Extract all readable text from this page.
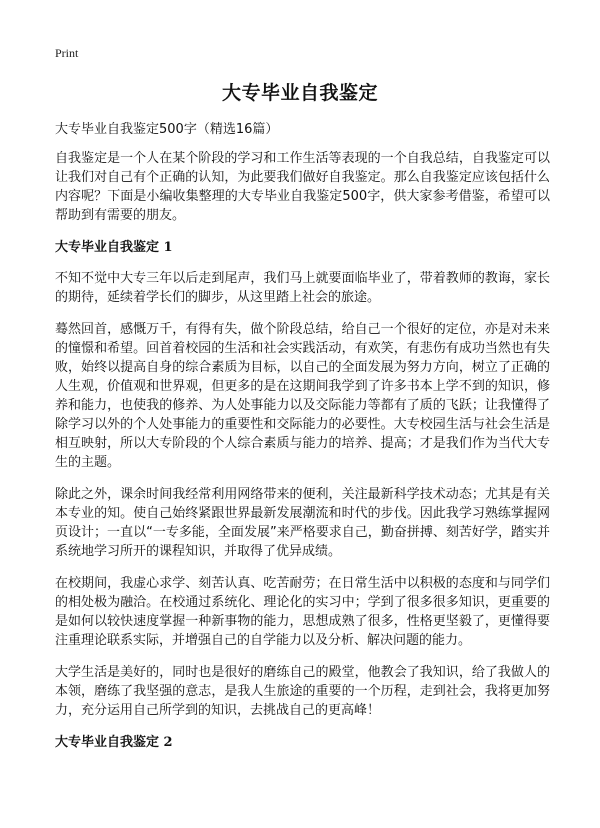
Print
大专毕业自我鉴定

大专毕业自我鉴定500字（精选16篇）

自我鉴定是一个人在某个阶段的学习和工作生活等表现的一个自我总结，自我鉴定可以让我们对自己有个正确的认知，为此要我们做好自我鉴定。那么自我鉴定应该包括什么内容呢？下面是小编收集整理的大专毕业自我鉴定500字，供大家参考借鉴，希望可以帮助到有需要的朋友。

大专毕业自我鉴定 1

不知不觉中大专三年以后走到尾声，我们马上就要面临毕业了，带着教师的教诲，家长的期待，延续着学长们的脚步，从这里踏上社会的旅途。

蓦然回首，感慨万千，有得有失，做个阶段总结，给自己一个很好的定位，亦是对未来的憧憬和希望。回首着校园的生活和社会实践活动，有欢笑，有悲伤有成功当然也有失败，始终以提高自身的综合素质为目标，以自己的全面发展为努力方向，树立了正确的人生观，价值观和世界观，但更多的是在这期间我学到了许多书本上学不到的知识，修养和能力，也使我的修养、为人处事能力以及交际能力等都有了质的飞跃；让我懂得了除学习以外的个人处事能力的重要性和交际能力的必要性。大专校园生活与社会生活是相互映射，所以大专阶段的个人综合素质与能力的培养、提高；才是我们作为当代大专生的主题。

除此之外，课余时间我经常利用网络带来的便利，关注最新科学技术动态；尤其是有关本专业的知。使自己始终紧跟世界最新发展潮流和时代的步伐。因此我学习熟练掌握网页设计；一直以“一专多能，全面发展”来严格要求自己，勤奋拼搏、刻苦好学，踏实并系统地学习所开的课程知识，并取得了优异成绩。

在校期间，我虚心求学、刻苦认真、吃苦耐劳；在日常生活中以积极的态度和与同学们的相处极为融洽。在校通过系统化、理论化的实习中；学到了很多很多知识，更重要的是如何以较快速度掌握一种新事物的能力，思想成熟了很多，性格更坚毅了，更懂得要注重理论联系实际，并增强自己的自学能力以及分析、解决问题的能力。

大学生活是美好的，同时也是很好的磨练自己的殿堂，他教会了我知识，给了我做人的本领，磨练了我坚强的意志，是我人生旅途的重要的一个历程，走到社会，我将更加努力，充分运用自己所学到的知识，去挑战自己的更高峰！

大专毕业自我鉴定 2
